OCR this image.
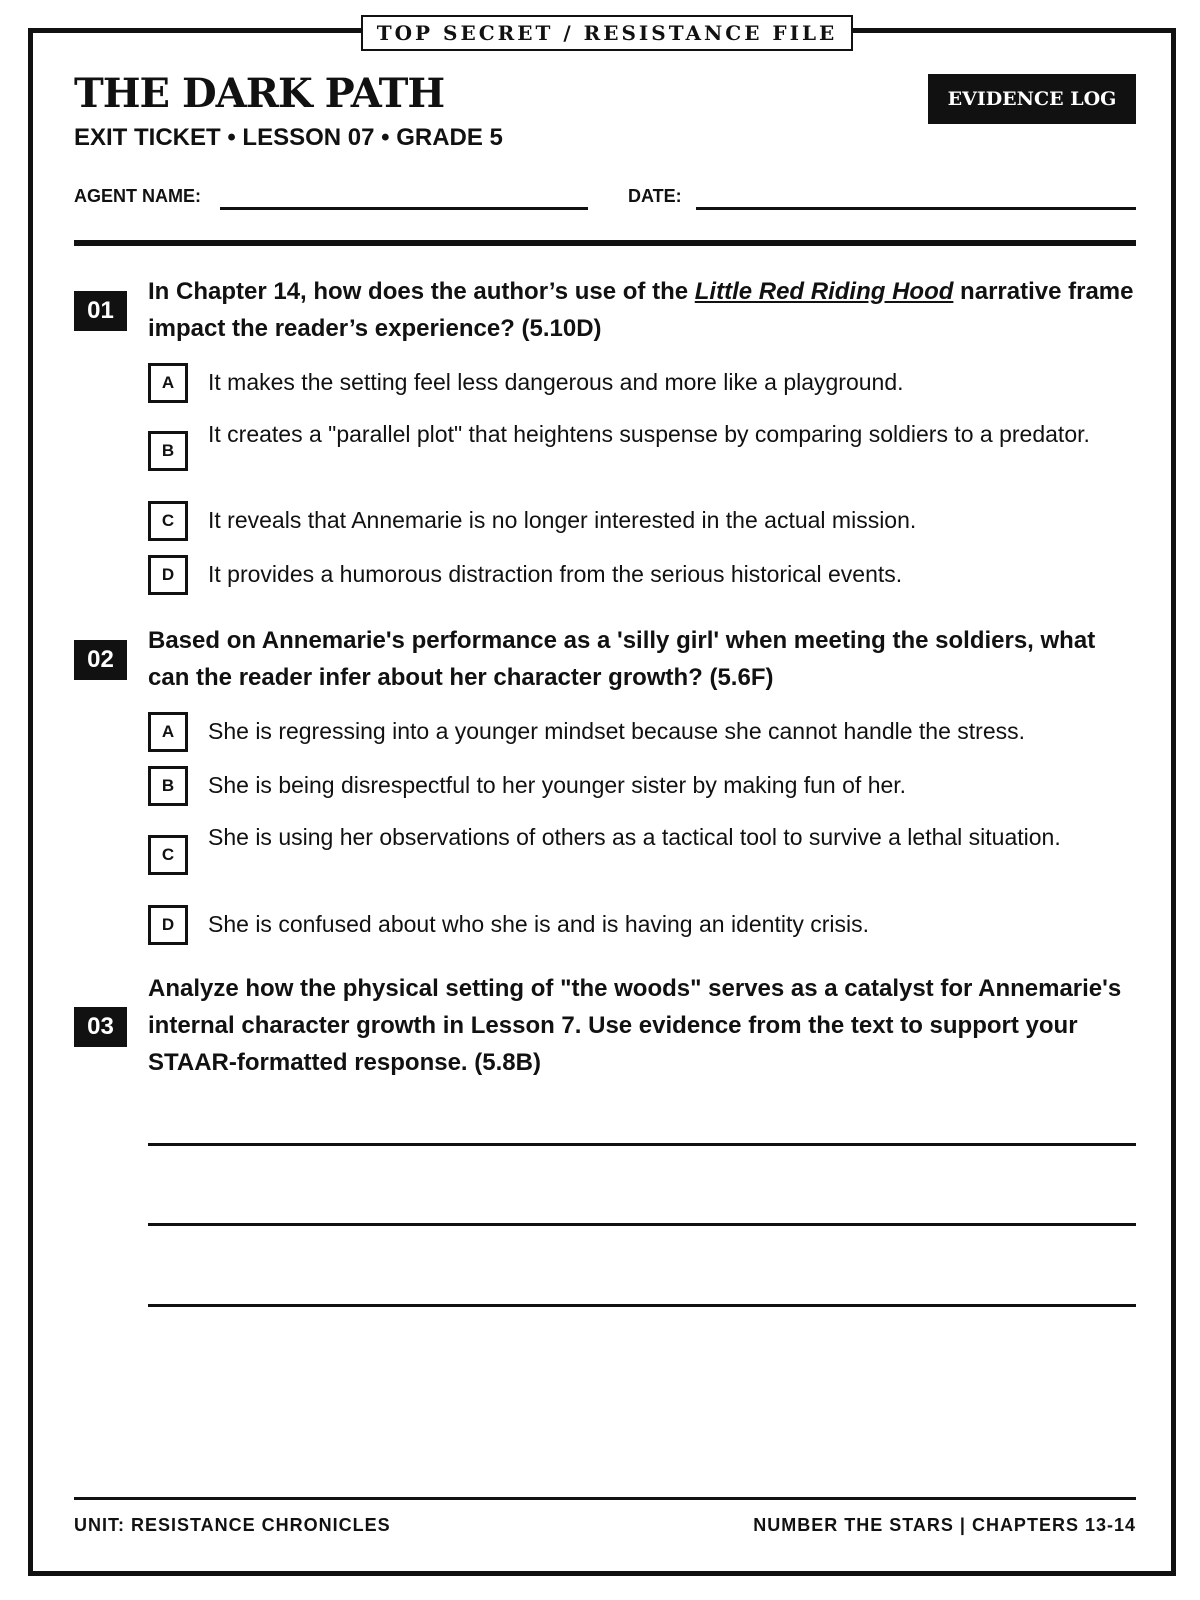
TOP SECRET / RESISTANCE FILE
THE DARK PATH
EXIT TICKET • LESSON 07 • GRADE 5
EVIDENCE LOG
AGENT NAME:	DATE:
01

In Chapter 14, how does the author’s use of the Little Red Riding Hood narrative frame impact the reader’s experience? (5.10D)

A	It makes the setting feel less dangerous and more like a playground.
B
It creates a "parallel plot" that heightens suspense by comparing soldiers to a predator.
C	It reveals that Annemarie is no longer interested in the actual mission.
D	It provides a humorous distraction from the serious historical events.
02

Based on Annemarie's performance as a 'silly girl' when meeting the soldiers, what can the reader infer about her character growth? (5.6F)

A	She is regressing into a younger mindset because she cannot handle the stress.
B	She is being disrespectful to her younger sister by making fun of her.
C
She is using her observations of others as a tactical tool to survive a lethal situation.
D	She is confused about who she is and is having an identity crisis.
03

Analyze how the physical setting of "the woods" serves as a catalyst for Annemarie's internal character growth in Lesson 7. Use evidence from the text to support your STAAR-formatted response. (5.8B)

UNIT: RESISTANCE CHRONICLES	NUMBER THE STARS | CHAPTERS 13-14
